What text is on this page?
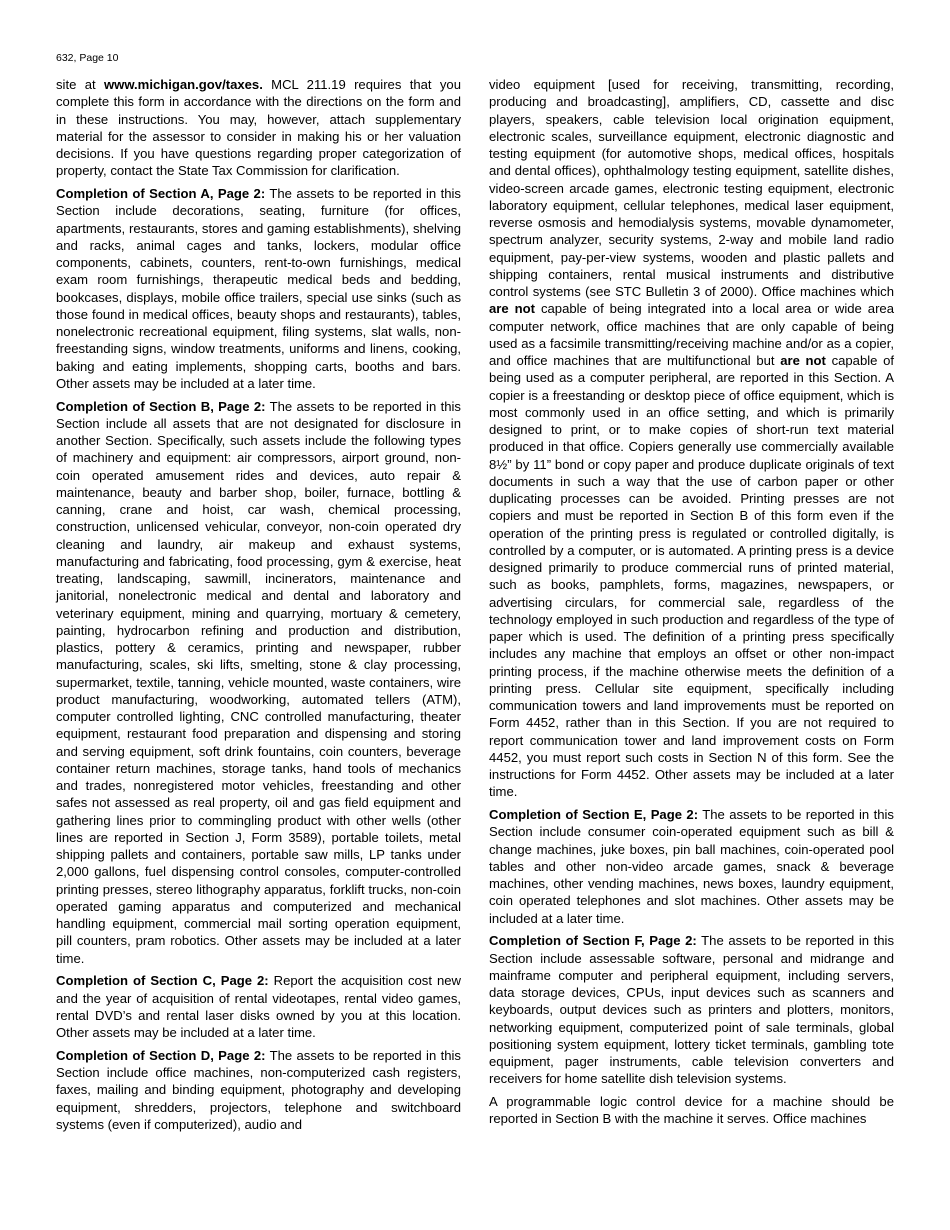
632, Page 10

site at www.michigan.gov/taxes. MCL 211.19 requires that you complete this form in accordance with the directions on the form and in these instructions. You may, however, attach supplementary material for the assessor to consider in making his or her valuation decisions. If you have questions regarding proper categorization of property, contact the State Tax Commission for clarification.

Completion of Section A, Page 2: The assets to be reported in this Section include decorations, seating, furniture (for offices, apartments, restaurants, stores and gaming establishments), shelving and racks, animal cages and tanks, lockers, modular office components, cabinets, counters, rent-to-own furnishings, medical exam room furnishings, therapeutic medical beds and bedding, bookcases, displays, mobile office trailers, special use sinks (such as those found in medical offices, beauty shops and restaurants), tables, nonelectronic recreational equipment, filing systems, slat walls, non-freestanding signs, window treatments, uniforms and linens, cooking, baking and eating implements, shopping carts, booths and bars. Other assets may be included at a later time.

Completion of Section B, Page 2: The assets to be reported in this Section include all assets that are not designated for disclosure in another Section. Specifically, such assets include the following types of machinery and equipment: air compressors, airport ground, non-coin operated amusement rides and devices, auto repair & maintenance, beauty and barber shop, boiler, furnace, bottling & canning, crane and hoist, car wash, chemical processing, construction, unlicensed vehicular, conveyor, non-coin operated dry cleaning and laundry, air makeup and exhaust systems, manufacturing and fabricating, food processing, gym & exercise, heat treating, landscaping, sawmill, incinerators, maintenance and janitorial, nonelectronic medical and dental and laboratory and veterinary equipment, mining and quarrying, mortuary & cemetery, painting, hydrocarbon refining and production and distribution, plastics, pottery & ceramics, printing and newspaper, rubber manufacturing, scales, ski lifts, smelting, stone & clay processing, supermarket, textile, tanning, vehicle mounted, waste containers, wire product manufacturing, woodworking, automated tellers (ATM), computer controlled lighting, CNC controlled manufacturing, theater equipment, restaurant food preparation and dispensing and storing and serving equipment, soft drink fountains, coin counters, beverage container return machines, storage tanks, hand tools of mechanics and trades, nonregistered motor vehicles, freestanding and other safes not assessed as real property, oil and gas field equipment and gathering lines prior to commingling product with other wells (other lines are reported in Section J, Form 3589), portable toilets, metal shipping pallets and containers, portable saw mills, LP tanks under 2,000 gallons, fuel dispensing control consoles, computer-controlled printing presses, stereo lithography apparatus, forklift trucks, non-coin operated gaming apparatus and computerized and mechanical handling equipment, commercial mail sorting operation equipment, pill counters, pram robotics. Other assets may be included at a later time.

Completion of Section C, Page 2: Report the acquisition cost new and the year of acquisition of rental videotapes, rental video games, rental DVD’s and rental laser disks owned by you at this location. Other assets may be included at a later time.

Completion of Section D, Page 2: The assets to be reported in this Section include office machines, non-computerized cash registers, faxes, mailing and binding equipment, photography and developing equipment, shredders, projectors, telephone and switchboard systems (even if computerized), audio and

video equipment [used for receiving, transmitting, recording, producing and broadcasting], amplifiers, CD, cassette and disc players, speakers, cable television local origination equipment, electronic scales, surveillance equipment, electronic diagnostic and testing equipment (for automotive shops, medical offices, hospitals and dental offices), ophthalmology testing equipment, satellite dishes, video-screen arcade games, electronic testing equipment, electronic laboratory equipment, cellular telephones, medical laser equipment, reverse osmosis and hemodialysis systems, movable dynamometer, spectrum analyzer, security systems, 2-way and mobile land radio equipment, pay-per-view systems, wooden and plastic pallets and shipping containers, rental musical instruments and distributive control systems (see STC Bulletin 3 of 2000). Office machines which are not capable of being integrated into a local area or wide area computer network, office machines that are only capable of being used as a facsimile transmitting/receiving machine and/or as a copier, and office machines that are multifunctional but are not capable of being used as a computer peripheral, are reported in this Section. A copier is a freestanding or desktop piece of office equipment, which is most commonly used in an office setting, and which is primarily designed to print, or to make copies of short-run text material produced in that office. Copiers generally use commercially available 8½” by 11” bond or copy paper and produce duplicate originals of text documents in such a way that the use of carbon paper or other duplicating processes can be avoided. Printing presses are not copiers and must be reported in Section B of this form even if the operation of the printing press is regulated or controlled digitally, is controlled by a computer, or is automated. A printing press is a device designed primarily to produce commercial runs of printed material, such as books, pamphlets, forms, magazines, newspapers, or advertising circulars, for commercial sale, regardless of the technology employed in such production and regardless of the type of paper which is used. The definition of a printing press specifically includes any machine that employs an offset or other non-impact printing process, if the machine otherwise meets the definition of a printing press. Cellular site equipment, specifically including communication towers and land improvements must be reported on Form 4452, rather than in this Section. If you are not required to report communication tower and land improvement costs on Form 4452, you must report such costs in Section N of this form. See the instructions for Form 4452. Other assets may be included at a later time.

Completion of Section E, Page 2: The assets to be reported in this Section include consumer coin-operated equipment such as bill & change machines, juke boxes, pin ball machines, coin-operated pool tables and other non-video arcade games, snack & beverage machines, other vending machines, news boxes, laundry equipment, coin operated telephones and slot machines. Other assets may be included at a later time.

Completion of Section F, Page 2: The assets to be reported in this Section include assessable software, personal and midrange and mainframe computer and peripheral equipment, including servers, data storage devices, CPUs, input devices such as scanners and keyboards, output devices such as printers and plotters, monitors, networking equipment, computerized point of sale terminals, global positioning system equipment, lottery ticket terminals, gambling tote equipment, pager instruments, cable television converters and receivers for home satellite dish television systems.

A programmable logic control device for a machine should be reported in Section B with the machine it serves. Office machines
